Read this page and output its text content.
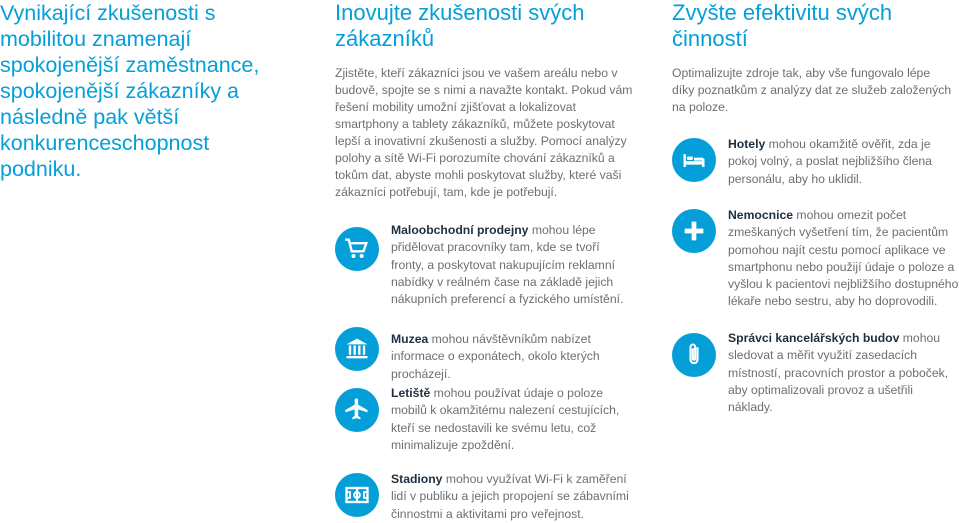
Vynikající zkušenosti s mobilitou znamenají spokojenější zaměstnance, spokojenější zákazníky a následně pak větší konkurenceschopnost podniku.

Inovujte zkušenosti svých zákazníků

Zjistěte, kteří zákazníci jsou ve vašem areálu nebo v budově, spojte se s nimi a navažte kontakt. Pokud vám řešení mobility umožní zjišťovat a lokalizovat smartphony a tablety zákazníků, můžete poskytovat lepší a inovativní zkušenosti a služby. Pomocí analýzy polohy a sítě Wi-Fi porozumíte chování zákazníků a tokům dat, abyste mohli poskytovat služby, které vaši zákazníci potřebují, tam, kde je potřebují.

Maloobchodní prodejny mohou lépe přidělovat pracovníky tam, kde se tvoří fronty, a poskytovat nakupujícím reklamní nabídky v reálném čase na základě jejich nákupních preferencí a fyzického umístění.

Muzea mohou návštěvníkům nabízet informace o exponátech, okolo kterých procházejí.

Letiště mohou používat údaje o poloze mobilů k okamžitému nalezení cestujících, kteří se nedostavili ke svému letu, což minimalizuje zpoždění.

Stadiony mohou využívat Wi-Fi k zaměření lidí v publiku a jejich propojení se zábavními činnostmi a aktivitami pro veřejnost.

Zvyšte efektivitu svých činností

Optimalizujte zdroje tak, aby vše fungovalo lépe díky poznatkům z analýzy dat ze služeb založených na poloze.

Hotely mohou okamžitě ověřit, zda je pokoj volný, a poslat nejbližšího člena personálu, aby ho uklidil.

Nemocnice mohou omezit počet zmeškaných vyšetření tím, že pacientům pomohou najít cestu pomocí aplikace ve smartphonu nebo použijí údaje o poloze a vyšlou k pacientovi nejbližšího dostupného lékaře nebo sestru, aby ho doprovodili.

Správci kancelářských budov mohou sledovat a měřit využití zasedacích místností, pracovních prostor a poboček, aby optimalizovali provoz a ušetřili náklady.
